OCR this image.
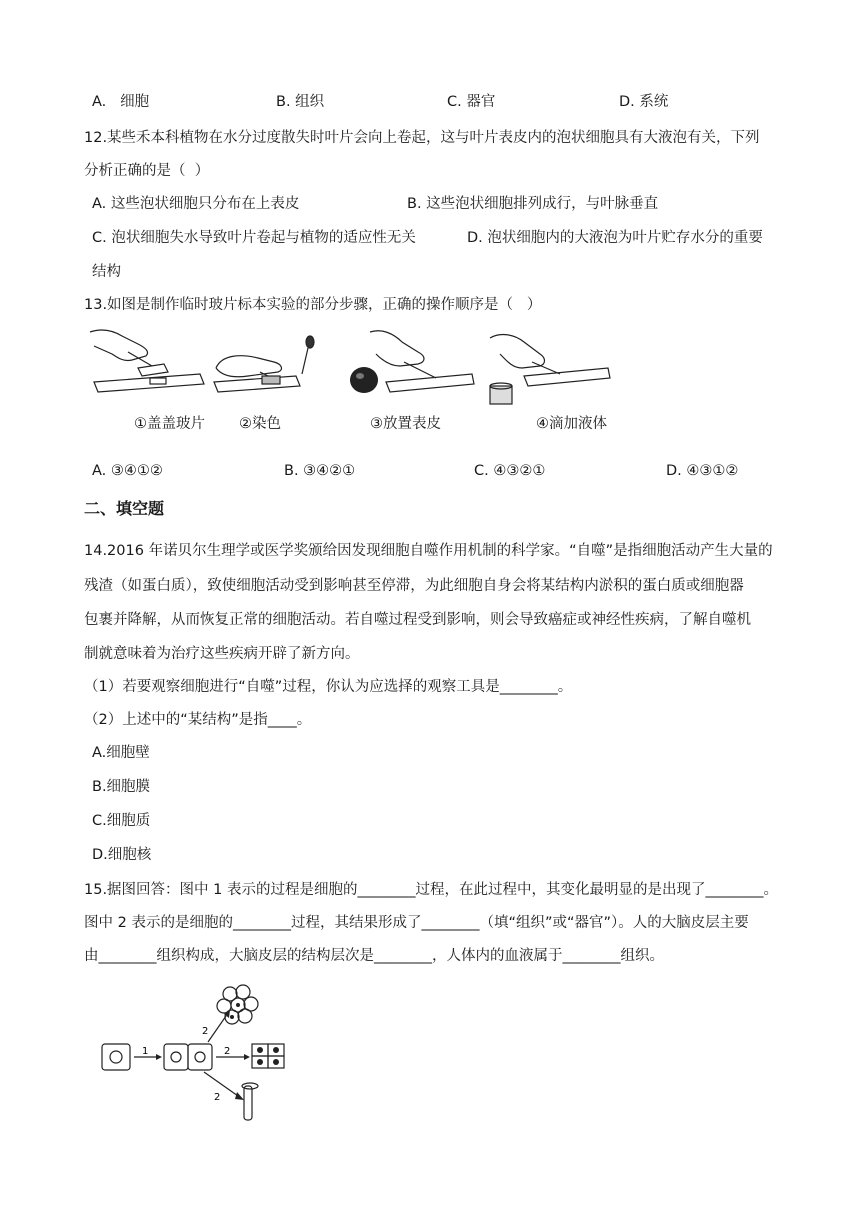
A.   细胞	B. 组织	C. 器官	D. 系统
12.某些禾本科植物在水分过度散失时叶片会向上卷起，这与叶片表皮内的泡状细胞具有大液泡有关，下列
分析正确的是（  ）
A. 这些泡状细胞只分布在上表皮	B. 这些泡状细胞排列成行，与叶脉垂直
C. 泡状细胞失水导致叶片卷起与植物的适应性无关	D. 泡状细胞内的大液泡为叶片贮存水分的重要
结构
13.如图是制作临时玻片标本实验的部分步骤，正确的操作顺序是（   ）
①盖盖玻片 ②染色	③放置表皮	④滴加液体
A. ③④①②	B. ③④②①	C. ④③②①	D. ④③①②
二、填空题
14.2016 年诺贝尔生理学或医学奖颁给因发现细胞自噬作用机制的科学家。“自噬”是指细胞活动产生大量的
残渣（如蛋白质），致使细胞活动受到影响甚至停滞，为此细胞自身会将某结构内淤积的蛋白质或细胞器
包裹并降解，从而恢复正常的细胞活动。若自噬过程受到影响，则会导致癌症或神经性疾病，了解自噬机
制就意味着为治疗这些疾病开辟了新方向。
（1）若要观察细胞进行“自噬”过程，你认为应选择的观察工具是________。
（2）上述中的“某结构”是指____。
A.细胞壁
B.细胞膜
C.细胞质
D.细胞核
15.据图回答：图中 1 表示的过程是细胞的________过程，在此过程中，其变化最明显的是出现了________。
图中 2 表示的是细胞的________过程，其结果形成了________（填“组织”或“器官”）。人的大脑皮层主要
由________组织构成，大脑皮层的结构层次是________，人体内的血液属于________组织。
1
2
2
2
